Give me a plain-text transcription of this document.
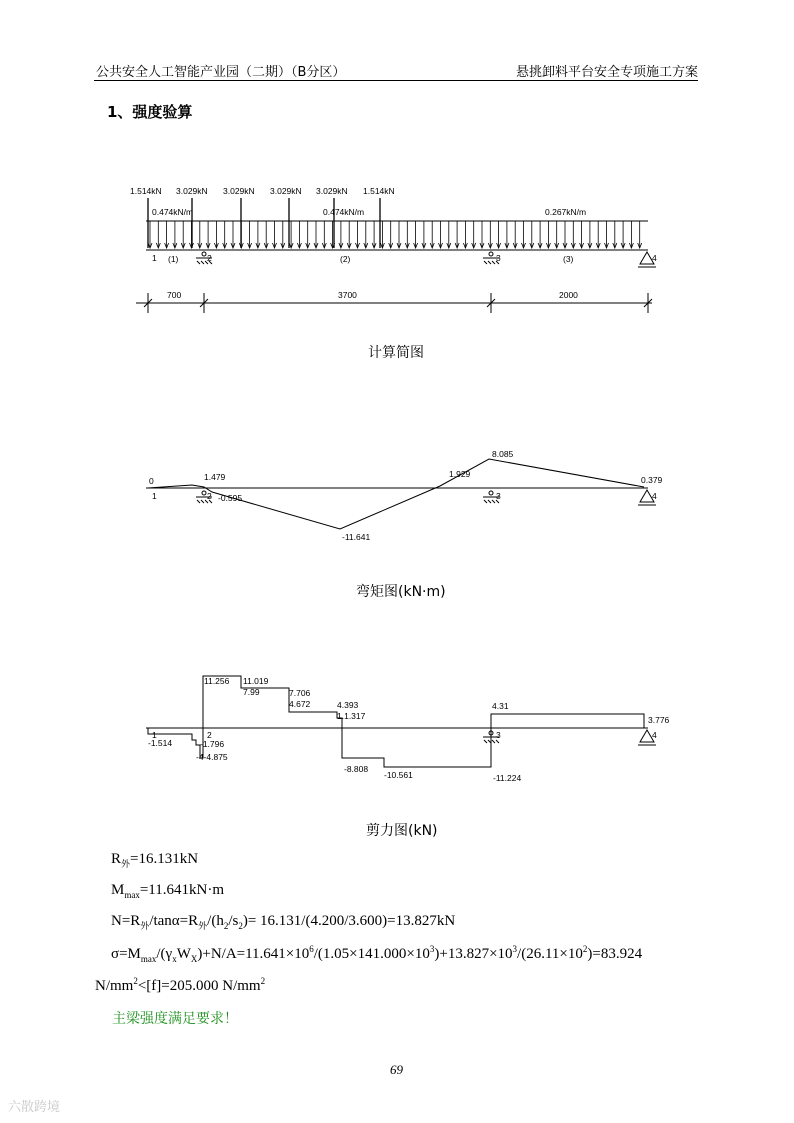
公共安全人工智能产业园（二期）（B分区）	悬挑卸料平台安全专项施工方案
1、强度验算
1.514kN 3.029kN 3.029kN 3.029kN 3.029kN 1.514kN
0.474kN/m	0.474kN/m	0.267kN/m
1	2	3	4
(1)	(2)	(3)
700	3700	2000
0	1.479
-0.595
-11.641
1.929
8.085
0.379
1	2	3	4
11.256 11.019
7.99	7.706
4.672	4.393
1.1.317
4.31
3.776
-1.514	-1.796
-4-4.875
-8.808
-10.561	-11.224
1	2	3	4
计算简图
弯矩图(kN·m)
剪力图(kN)
$R_外=16.131kN$
$M_{max}=11.641kN\cdot m$
$N=R_外/\tan\alpha=R_外/(h_2/s_2)= 16.131/(4.200/3.600)=13.827kN$
$\sigma=M_{max}/(\gamma_xW_X)+N/A=11.641\times 10^6/(1.05\times 141.000\times 10^3)+13.827\times 10^3/(26.11\times 10^2)=83.924$
$N/mm^2<[f]=205.000$ $N/mm^2$
主梁强度满足要求！
69
六散跨境
